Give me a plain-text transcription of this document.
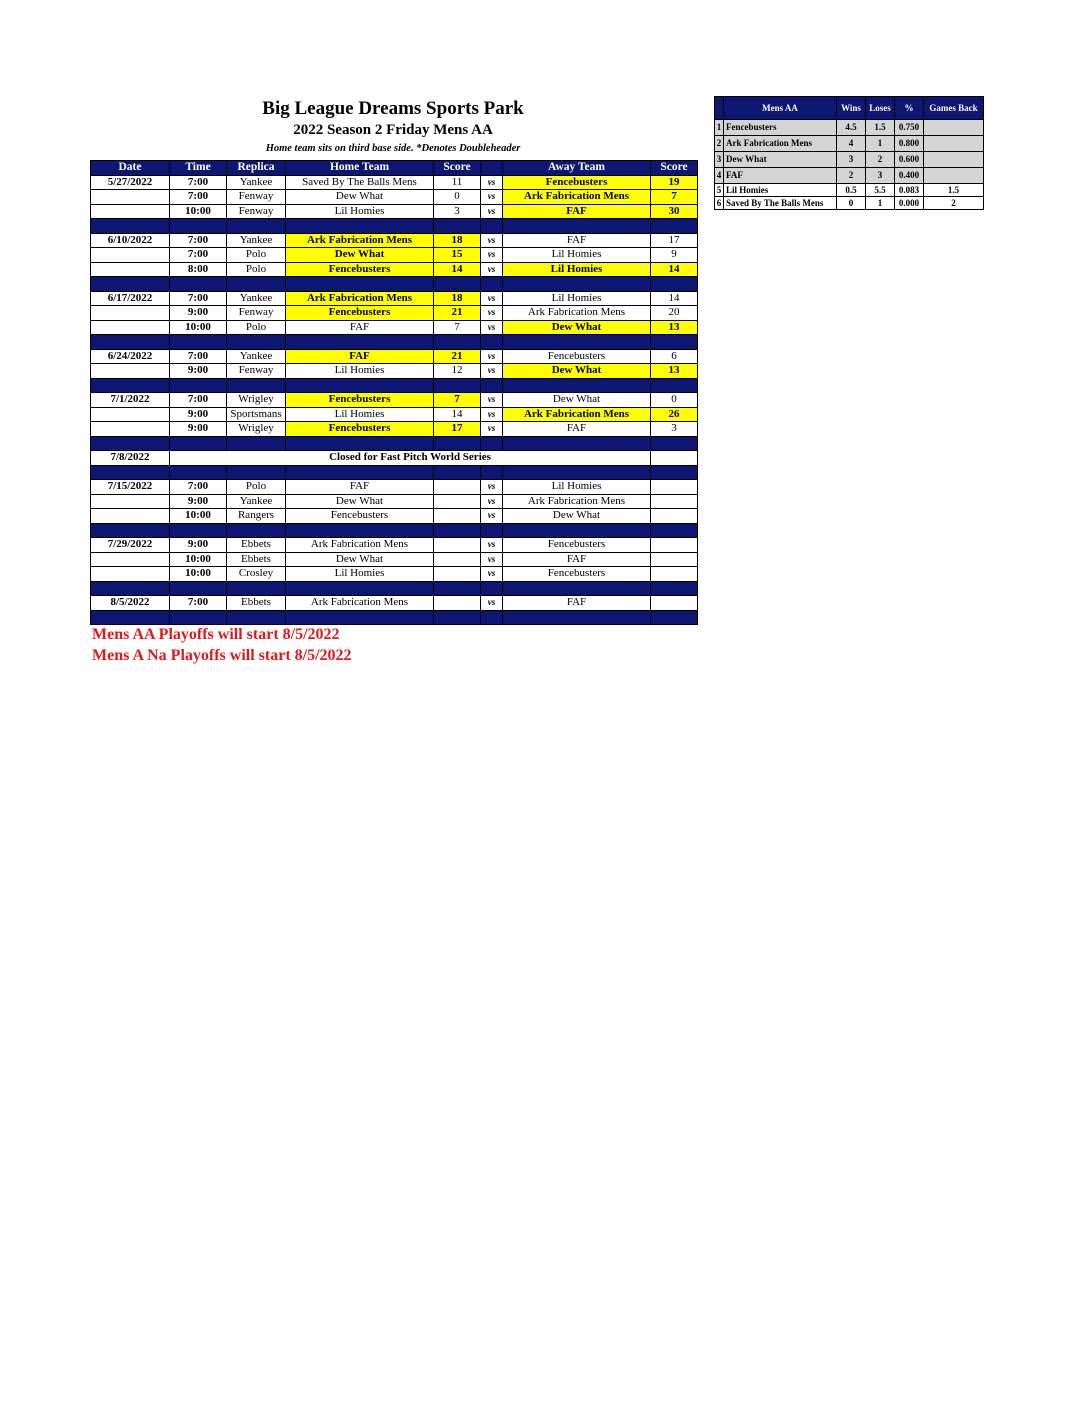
Big League Dreams Sports Park
2022 Season 2 Friday Mens AA
Home team sits on third base side. *Denotes Doubleheader
Date	Time	Replica	Home Team	Score		Away Team	Score
5/27/2022	7:00	Yankee	Saved By The Balls Mens	11	vs	Fencebusters	19
	7:00	Fenway	Dew What	0	vs	Ark Fabrication Mens	7
	10:00	Fenway	Lil Homies	3	vs	FAF	30

6/10/2022	7:00	Yankee	Ark Fabrication Mens	18	vs	FAF	17
	7:00	Polo	Dew What	15	vs	Lil Homies	9
	8:00	Polo	Fencebusters	14	vs	Lil Homies	14

6/17/2022	7:00	Yankee	Ark Fabrication Mens	18	vs	Lil Homies	14
	9:00	Fenway	Fencebusters	21	vs	Ark Fabrication Mens	20
	10:00	Polo	FAF	7	vs	Dew What	13

6/24/2022	7:00	Yankee	FAF	21	vs	Fencebusters	6
	9:00	Fenway	Lil Homies	12	vs	Dew What	13

7/1/2022	7:00	Wrigley	Fencebusters	7	vs	Dew What	0
	9:00	Sportsmans	Lil Homies	14	vs	Ark Fabrication Mens	26
	9:00	Wrigley	Fencebusters	17	vs	FAF	3

7/8/2022	Closed for Fast Pitch World Series						

7/15/2022	7:00	Polo	FAF		vs	Lil Homies	
	9:00	Yankee	Dew What		vs	Ark Fabrication Mens	
	10:00	Rangers	Fencebusters		vs	Dew What	

7/29/2022	9:00	Ebbets	Ark Fabrication Mens		vs	Fencebusters	
	10:00	Ebbets	Dew What		vs	FAF	
	10:00	Crosley	Lil Homies		vs	Fencebusters	

8/5/2022	7:00	Ebbets	Ark Fabrication Mens		vs	FAF	

	Mens AA	Wins	Loses	%	Games Back
1	Fencebusters	4.5	1.5	0.750	
2	Ark Fabrication Mens	4	1	0.800	
3	Dew What	3	2	0.600	
4	FAF	2	3	0.400	
5	Lil Homies	0.5	5.5	0.083	1.5
6	Saved By The Balls Mens	0	1	0.000	2
Mens AA Playoffs will start 8/5/2022
Mens A Na Playoffs will start 8/5/2022
